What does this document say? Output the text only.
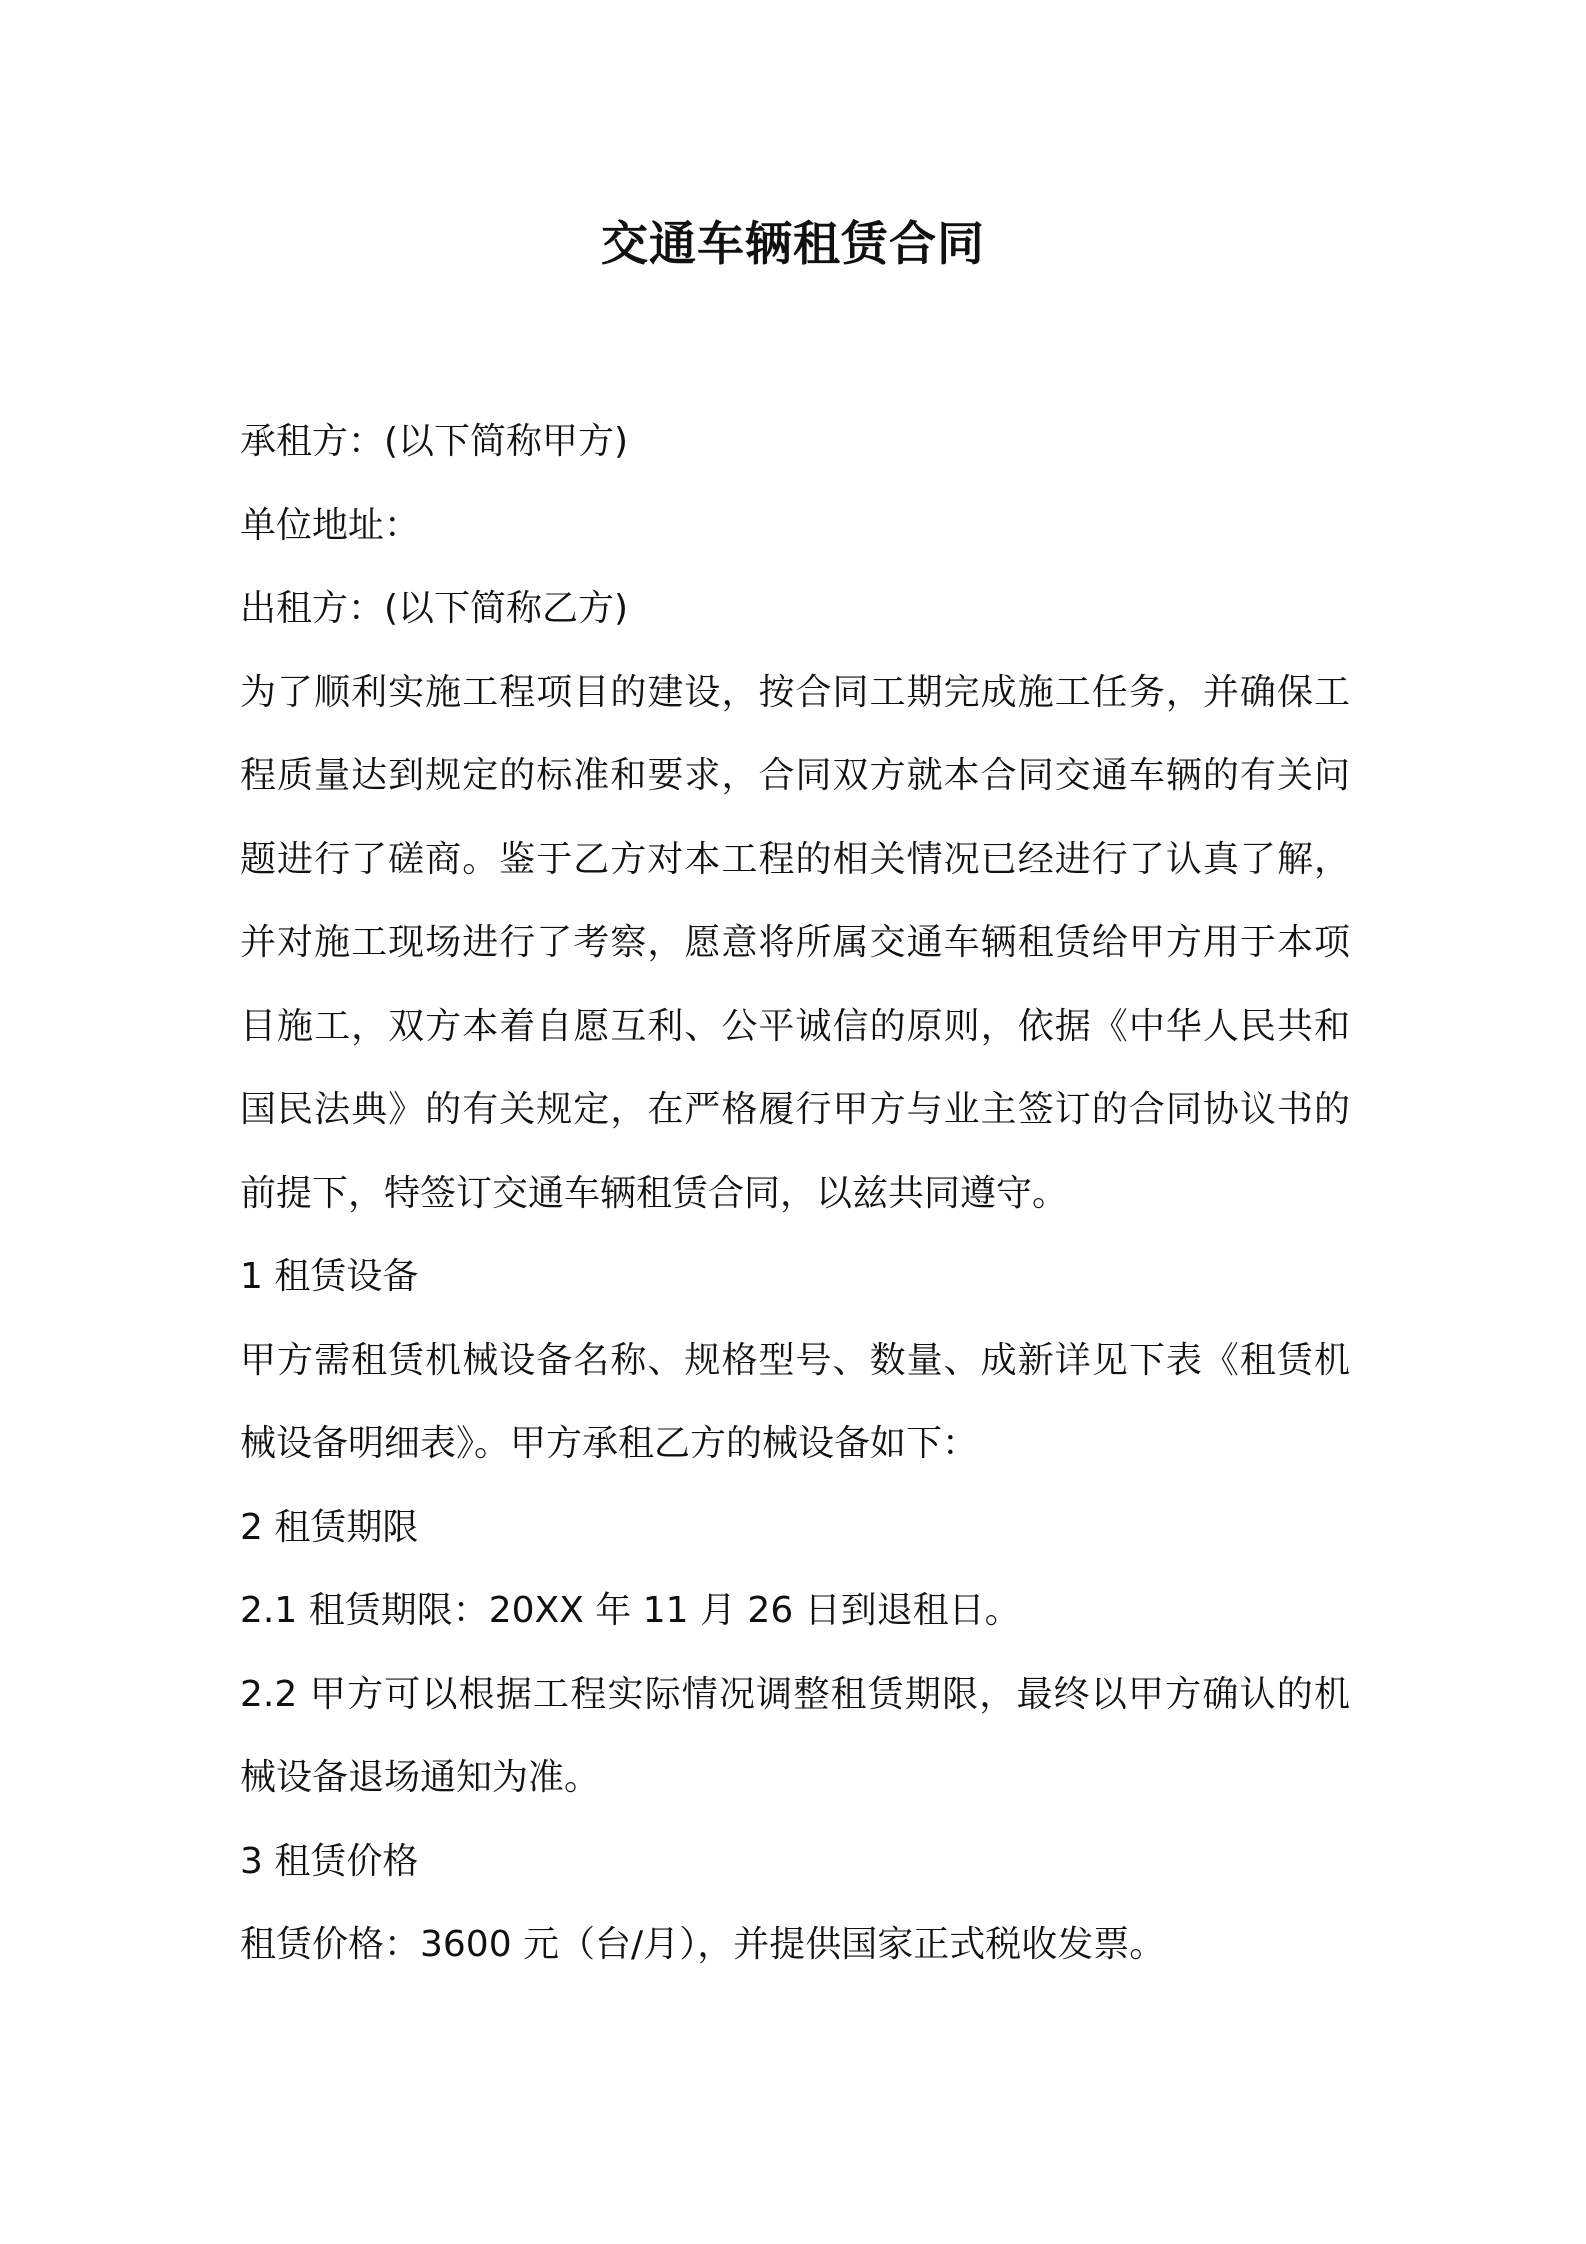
交通车辆租赁合同

承租方：(以下简称甲方)

单位地址：

出租方：(以下简称乙方)

为了顺利实施工程项目的建设，按合同工期完成施工任务，并确保工程质量达到规定的标准和要求，合同双方就本合同交通车辆的有关问题进行了磋商。鉴于乙方对本工程的相关情况已经进行了认真了解，并对施工现场进行了考察，愿意将所属交通车辆租赁给甲方用于本项目施工，双方本着自愿互利、公平诚信的原则，依据《中华人民共和国民法典》的有关规定，在严格履行甲方与业主签订的合同协议书的前提下，特签订交通车辆租赁合同，以兹共同遵守。

1 租赁设备

甲方需租赁机械设备名称、规格型号、数量、成新详见下表《租赁机械设备明细表》。甲方承租乙方的械设备如下：

2 租赁期限

2.1 租赁期限：20XX 年 11 月 26 日到退租日。

2.2 甲方可以根据工程实际情况调整租赁期限，最终以甲方确认的机械设备退场通知为准。

3 租赁价格

租赁价格：3600 元（台/月），并提供国家正式税收发票。
